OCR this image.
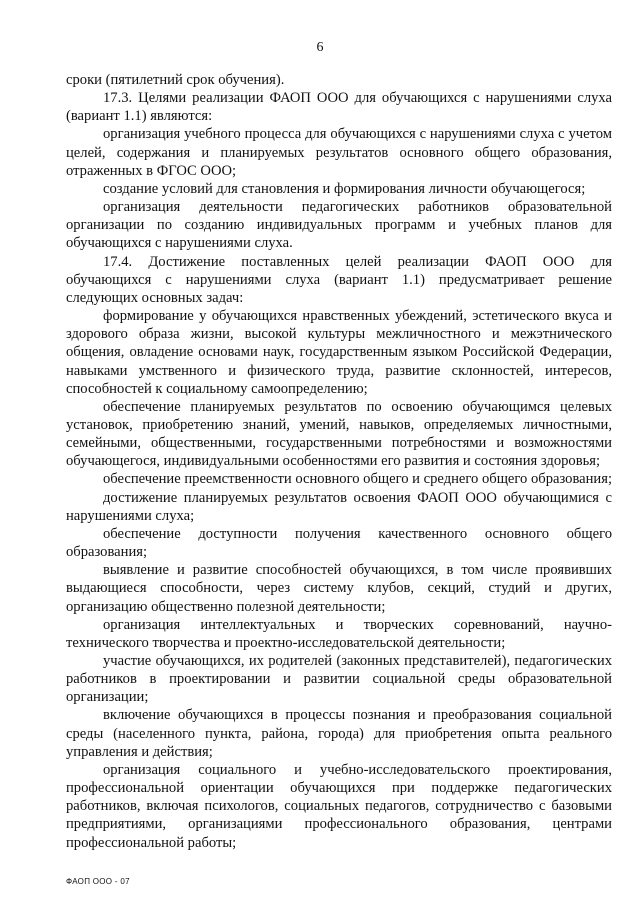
6

сроки (пятилетний срок обучения).

17.3. Целями реализации ФАОП ООО для обучающихся с нарушениями слуха (вариант 1.1) являются:

организация учебного процесса для обучающихся с нарушениями слуха с учетом целей, содержания и планируемых результатов основного общего образования, отраженных в ФГОС ООО;

создание условий для становления и формирования личности обучающегося;

организация деятельности педагогических работников образовательной организации по созданию индивидуальных программ и учебных планов для обучающихся с нарушениями слуха.

17.4. Достижение поставленных целей реализации ФАОП ООО для обучающихся с нарушениями слуха (вариант 1.1) предусматривает решение следующих основных задач:

формирование у обучающихся нравственных убеждений, эстетического вкуса и здорового образа жизни, высокой культуры межличностного и межэтнического общения, овладение основами наук, государственным языком Российской Федерации, навыками умственного и физического труда, развитие склонностей, интересов, способностей к социальному самоопределению;

обеспечение планируемых результатов по освоению обучающимся целевых установок, приобретению знаний, умений, навыков, определяемых личностными, семейными, общественными, государственными потребностями и возможностями обучающегося, индивидуальными особенностями его развития и состояния здоровья;

обеспечение преемственности основного общего и среднего общего образования;

достижение планируемых результатов освоения ФАОП ООО обучающимися с нарушениями слуха;

обеспечение доступности получения качественного основного общего образования;

выявление и развитие способностей обучающихся, в том числе проявивших выдающиеся способности, через систему клубов, секций, студий и других, организацию общественно полезной деятельности;

организация интеллектуальных и творческих соревнований, научно-технического творчества и проектно-исследовательской деятельности;

участие обучающихся, их родителей (законных представителей), педагогических работников в проектировании и развитии социальной среды образовательной организации;

включение обучающихся в процессы познания и преобразования социальной среды (населенного пункта, района, города) для приобретения опыта реального управления и действия;

организация социального и учебно-исследовательского проектирования, профессиональной ориентации обучающихся при поддержке педагогических работников, включая психологов, социальных педагогов, сотрудничество с базовыми предприятиями, организациями профессионального образования, центрами профессиональной работы;

ФАОП ООО - 07
